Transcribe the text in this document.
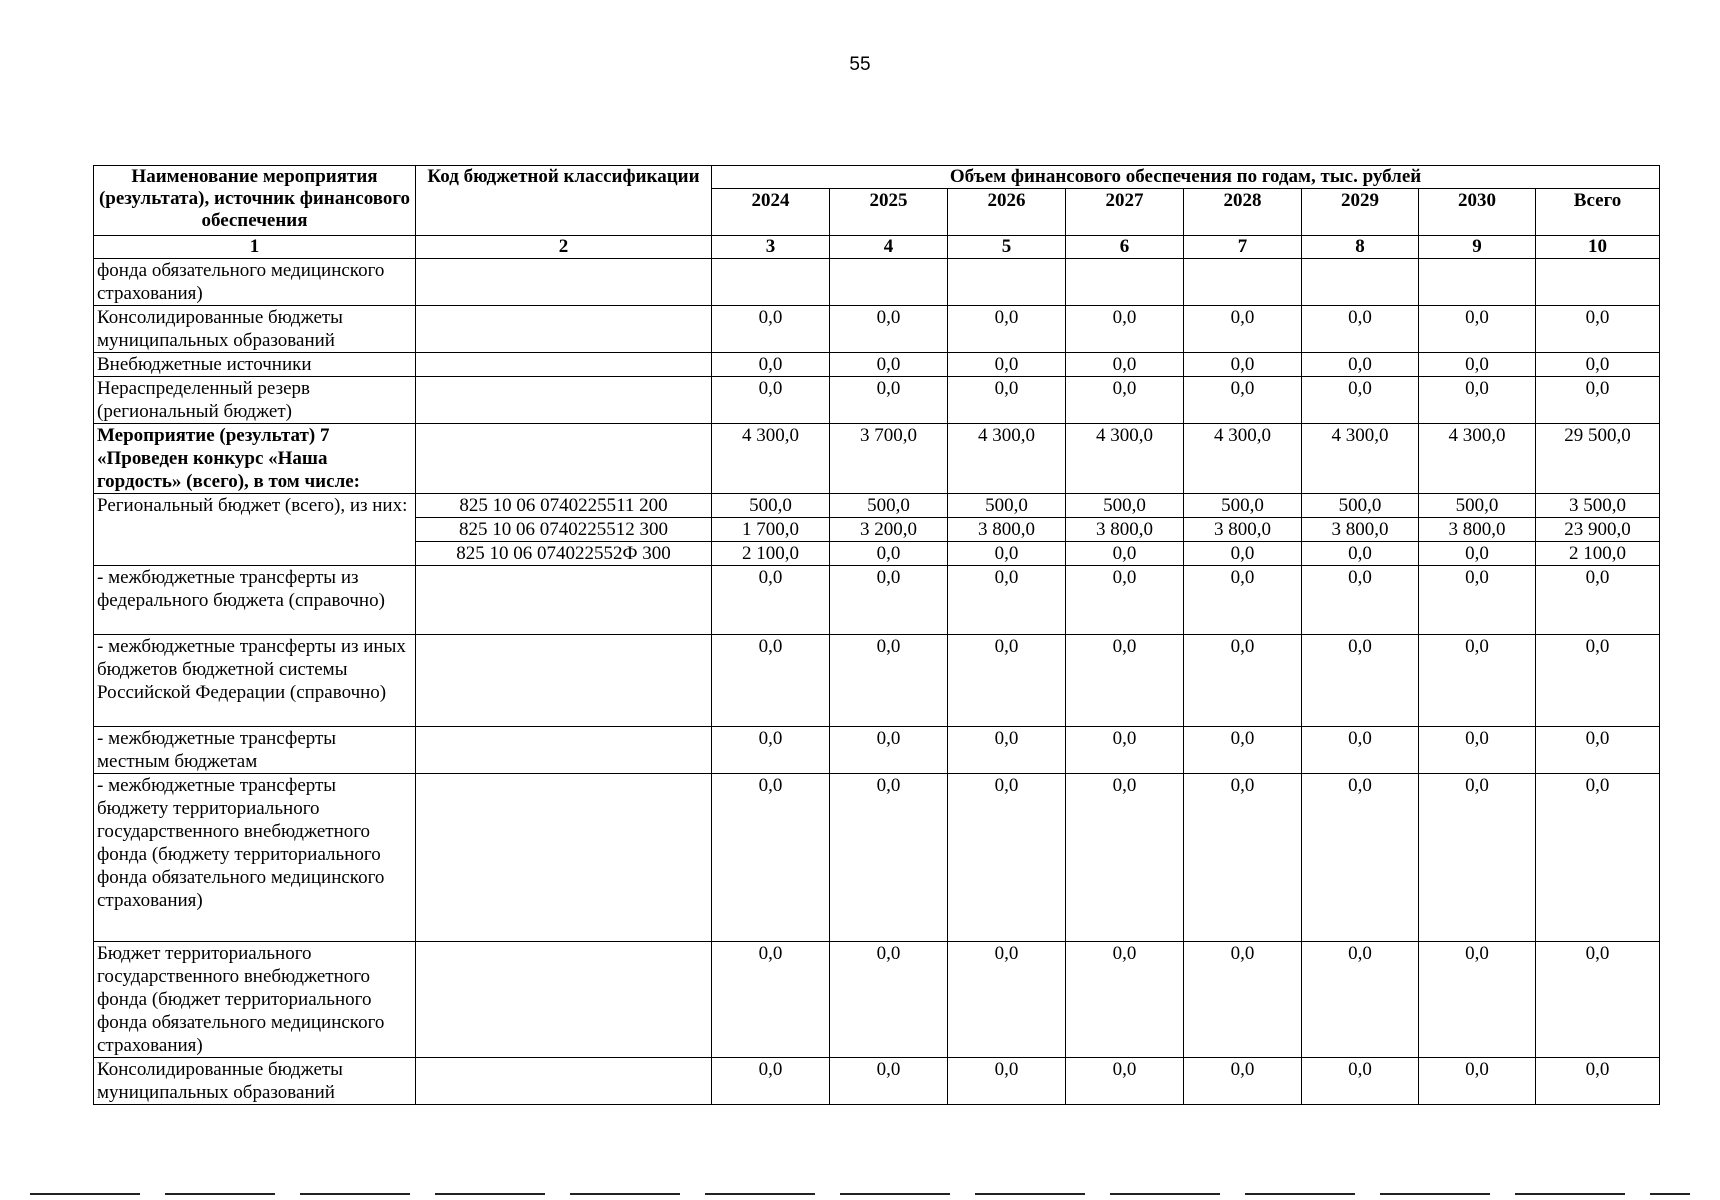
55
Наименование мероприятия (результата), источник финансового обеспечения	Код бюджетной классификации	Объем финансового обеспечения по годам, тыс. рублей							
		2024	2025	2026	2027	2028	2029	2030	Всего
1	2	3	4	5	6	7	8	9	10
фонда обязательного медицинского страхования)									
Консолидированные бюджеты муниципальных образований		0,0	0,0	0,0	0,0	0,0	0,0	0,0	0,0
Внебюджетные источники		0,0	0,0	0,0	0,0	0,0	0,0	0,0	0,0
Нераспределенный резерв (региональный бюджет)		0,0	0,0	0,0	0,0	0,0	0,0	0,0	0,0
Мероприятие (результат) 7 «Проведен конкурс «Наша гордость» (всего), в том числе:		4 300,0	3 700,0	4 300,0	4 300,0	4 300,0	4 300,0	4 300,0	29 500,0
Региональный бюджет (всего), из них:	825 10 06 0740225511 200	500,0	500,0	500,0	500,0	500,0	500,0	500,0	3 500,0
	825 10 06 0740225512 300	1 700,0	3 200,0	3 800,0	3 800,0	3 800,0	3 800,0	3 800,0	23 900,0
	825 10 06 074022552Ф 300	2 100,0	0,0	0,0	0,0	0,0	0,0	0,0	2 100,0
- межбюджетные трансферты из федерального бюджета (справочно)		0,0	0,0	0,0	0,0	0,0	0,0	0,0	0,0
- межбюджетные трансферты из иных бюджетов бюджетной системы Российской Федерации (справочно)		0,0	0,0	0,0	0,0	0,0	0,0	0,0	0,0
- межбюджетные трансферты местным бюджетам		0,0	0,0	0,0	0,0	0,0	0,0	0,0	0,0
- межбюджетные трансферты бюджету территориального государственного внебюджетного фонда (бюджету территориального фонда обязательного медицинского страхования)		0,0	0,0	0,0	0,0	0,0	0,0	0,0	0,0
Бюджет территориального государственного внебюджетного фонда (бюджет территориального фонда обязательного медицинского страхования)		0,0	0,0	0,0	0,0	0,0	0,0	0,0	0,0
Консолидированные бюджеты муниципальных образований		0,0	0,0	0,0	0,0	0,0	0,0	0,0	0,0
